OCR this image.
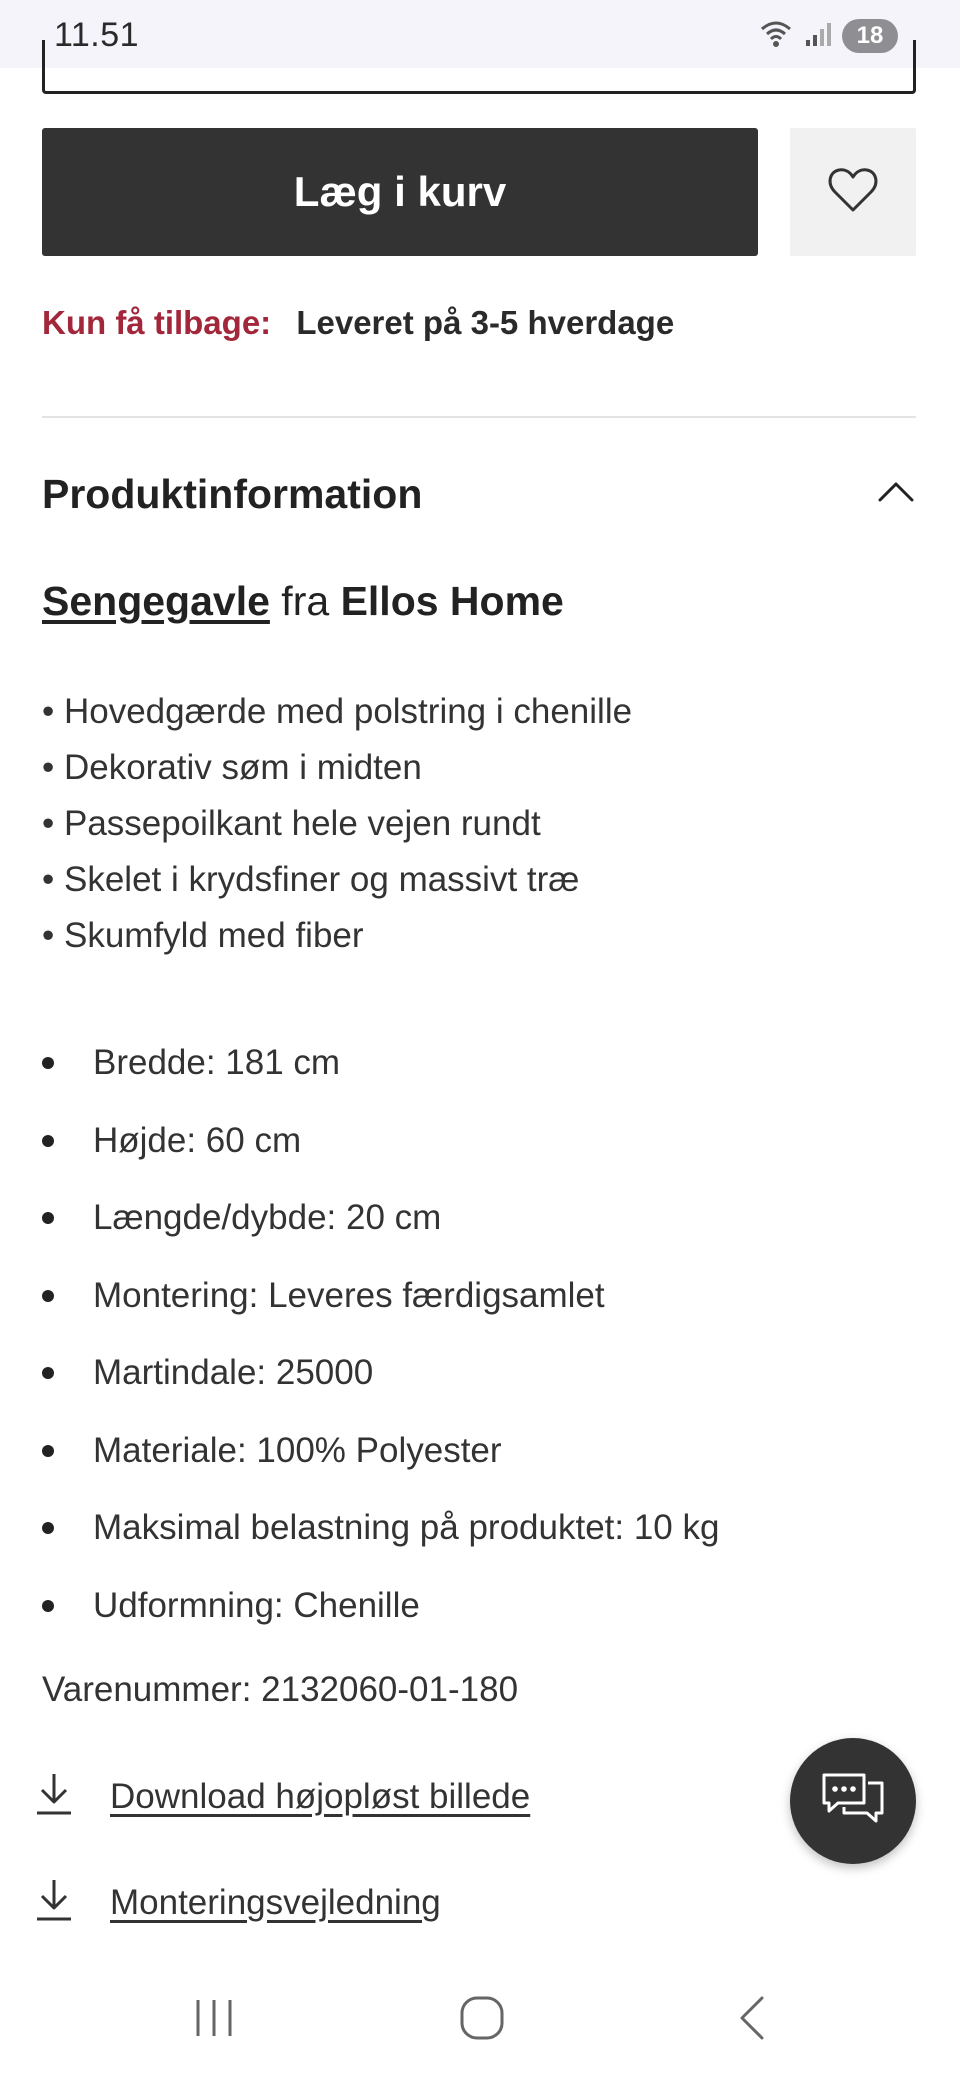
11.51	18
Læg i kurv
Kun få tilbage: Leveret på 3-5 hverdage
Produktinformation
Sengegavle fra Ellos Home
• Hovedgærde med polstring i chenille
• Dekorativ søm i midten
• Passepoilkant hele vejen rundt
• Skelet i krydsfiner og massivt træ
• Skumfyld med fiber
Bredde: 181 cm
Højde: 60 cm
Længde/dybde: 20 cm
Montering: Leveres færdigsamlet
Martindale: 25000
Materiale: 100% Polyester
Maksimal belastning på produktet: 10 kg
Udformning: Chenille
Varenummer: 2132060-01-180
Download højopløst billede
Monteringsvejledning
